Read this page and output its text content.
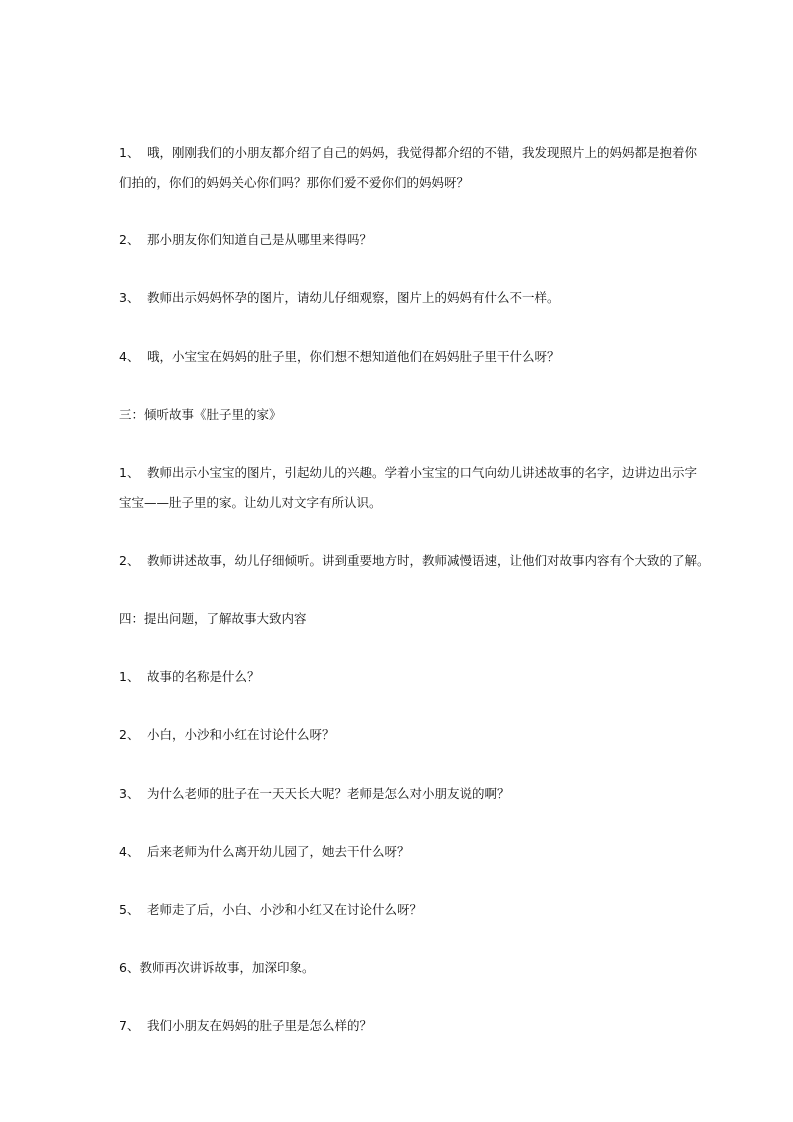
1、 哦，刚刚我们的小朋友都介绍了自己的妈妈，我觉得都介绍的不错，我发现照片上的妈妈都是抱着你

们拍的，你们的妈妈关心你们吗？那你们爱不爱你们的妈妈呀？

2、 那小朋友你们知道自己是从哪里来得吗？

3、 教师出示妈妈怀孕的图片，请幼儿仔细观察，图片上的妈妈有什么不一样。

4、 哦，小宝宝在妈妈的肚子里，你们想不想知道他们在妈妈肚子里干什么呀？

三：倾听故事《肚子里的家》

1、 教师出示小宝宝的图片，引起幼儿的兴趣。学着小宝宝的口气向幼儿讲述故事的名字，边讲边出示字

宝宝——肚子里的家。让幼儿对文字有所认识。

2、 教师讲述故事，幼儿仔细倾听。讲到重要地方时，教师减慢语速，让他们对故事内容有个大致的了解。

四：提出问题，了解故事大致内容

1、 故事的名称是什么？

2、 小白，小沙和小红在讨论什么呀？

3、 为什么老师的肚子在一天天长大呢？老师是怎么对小朋友说的啊？

4、 后来老师为什么离开幼儿园了，她去干什么呀？

5、 老师走了后，小白、小沙和小红又在讨论什么呀？

6、教师再次讲诉故事，加深印象。

7、 我们小朋友在妈妈的肚子里是怎么样的？
